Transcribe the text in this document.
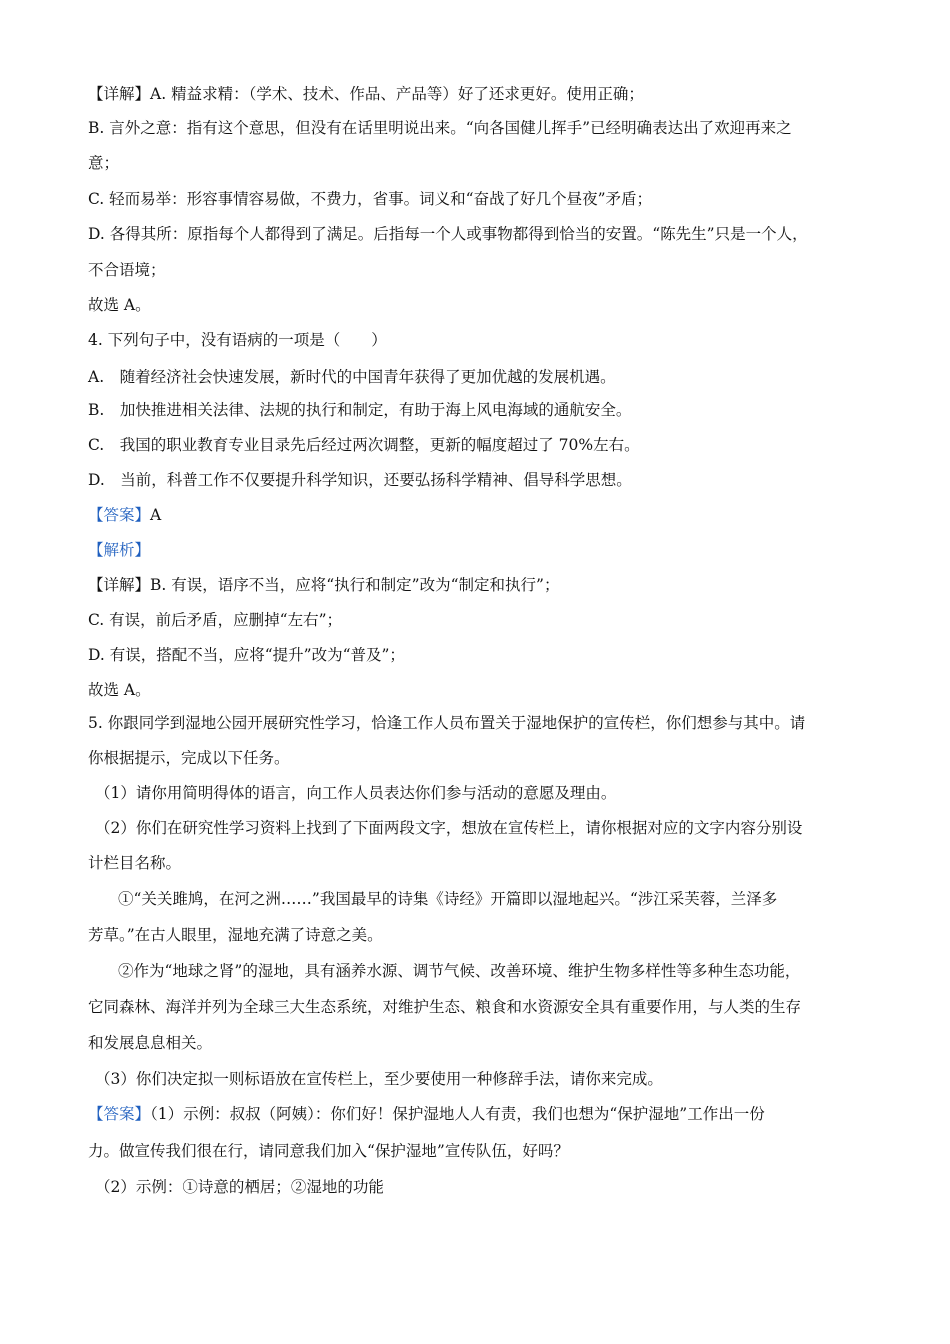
【详解】A. 精益求精：（学术、技术、作品、产品等）好了还求更好。使用正确；
B. 言外之意：指有这个意思，但没有在话里明说出来。“向各国健儿挥手”已经明确表达出了欢迎再来之
意；
C. 轻而易举：形容事情容易做，不费力，省事。词义和“奋战了好几个昼夜”矛盾；
D. 各得其所：原指每个人都得到了满足。后指每一个人或事物都得到恰当的安置。“陈先生”只是一个人，
不合语境；
故选 A。
4. 下列句子中，没有语病的一项是（　　）
A.　随着经济社会快速发展，新时代的中国青年获得了更加优越的发展机遇。
B.　加快推进相关法律、法规的执行和制定，有助于海上风电海域的通航安全。
C.　我国的职业教育专业目录先后经过两次调整，更新的幅度超过了 70%左右。
D.　当前，科普工作不仅要提升科学知识，还要弘扬科学精神、倡导科学思想。
【答案】A
【解析】
【详解】B. 有误，语序不当，应将“执行和制定”改为“制定和执行”；
C. 有误，前后矛盾，应删掉“左右”；
D. 有误，搭配不当，应将“提升”改为“普及”；
故选 A。
5. 你跟同学到湿地公园开展研究性学习，恰逢工作人员布置关于湿地保护的宣传栏，你们想参与其中。请
你根据提示，完成以下任务。
（1）请你用简明得体的语言，向工作人员表达你们参与活动的意愿及理由。
（2）你们在研究性学习资料上找到了下面两段文字，想放在宣传栏上，请你根据对应的文字内容分别设
计栏目名称。
①“关关雎鸠，在河之洲……”我国最早的诗集《诗经》开篇即以湿地起兴。“涉江采芙蓉，兰泽多
芳草。”在古人眼里，湿地充满了诗意之美。
②作为“地球之肾”的湿地，具有涵养水源、调节气候、改善环境、维护生物多样性等多种生态功能，
它同森林、海洋并列为全球三大生态系统，对维护生态、粮食和水资源安全具有重要作用，与人类的生存
和发展息息相关。
（3）你们决定拟一则标语放在宣传栏上，至少要使用一种修辞手法，请你来完成。
【答案】（1）示例：叔叔（阿姨）：你们好！保护湿地人人有责，我们也想为“保护湿地”工作出一份
力。做宣传我们很在行，请同意我们加入“保护湿地”宣传队伍，好吗？
（2）示例：①诗意的栖居；②湿地的功能
